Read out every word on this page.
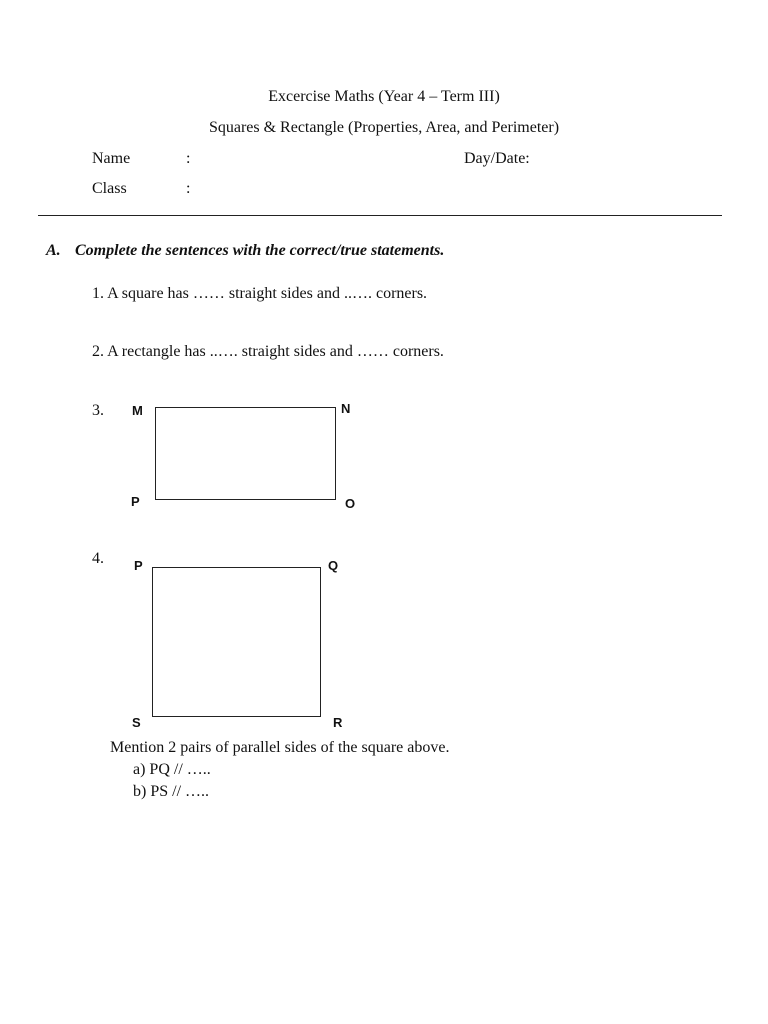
Excercise Maths (Year 4 – Term III)
Squares & Rectangle (Properties, Area, and Perimeter)
Name	:	Day/Date:
Class	:
A. Complete the sentences with the correct/true statements.
1. A square has …… straight sides and ..…. corners.
2. A rectangle has ..…. straight sides and …… corners.
3. M	N
P	O
4. P	Q
S	R
Mention 2 pairs of parallel sides of the square above.
a) PQ // …..
b) PS // …..
